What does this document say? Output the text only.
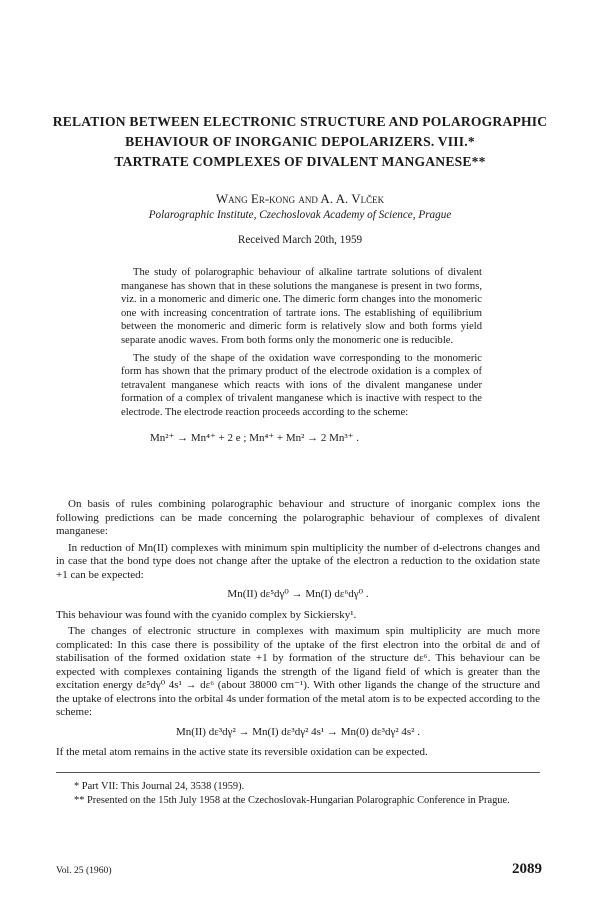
RELATION BETWEEN ELECTRONIC STRUCTURE AND POLAROGRAPHIC
BEHAVIOUR OF INORGANIC DEPOLARIZERS. VIII.*
TARTRATE COMPLEXES OF DIVALENT MANGANESE**
Wang Er-kong and A. A. Vlček
Polarographic Institute, Czechoslovak Academy of Science, Prague
Received March 20th, 1959

The study of polarographic behaviour of alkaline tartrate solutions of divalent manganese has shown that in these solutions the manganese is present in two forms, viz. in a monomeric and dimeric one. The dimeric form changes into the monomeric one with increasing concentration of tartrate ions. The establishing of equilibrium between the monomeric and dimeric form is relatively slow and both forms yield separate anodic waves. From both forms only the monomeric one is reducible.

The study of the shape of the oxidation wave corresponding to the monomeric form has shown that the primary product of the electrode oxidation is a complex of tetravalent manganese which reacts with ions of the divalent manganese under formation of a complex of trivalent manganese which is inactive with respect to the electrode. The electrode reaction proceeds according to the scheme:

Mn²⁺ → Mn⁴⁺ + 2 e ; Mn⁴⁺ + Mn² → 2 Mn³⁺ .

On basis of rules combining polarographic behaviour and structure of inorganic complex ions the following predictions can be made concerning the polarographic behaviour of complexes of divalent manganese:

In reduction of Mn(II) complexes with minimum spin multiplicity the number of d-electrons changes and in case that the bond type does not change after the uptake of the electron a reduction to the oxidation state +1 can be expected:

Mn(II) dε⁵dγ⁰ → Mn(I) dε⁶dγ⁰ .

This behaviour was found with the cyanido complex by Sickiersky¹.

The changes of electronic structure in complexes with maximum spin multiplicity are much more complicated: In this case there is possibility of the uptake of the first electron into the orbital dε and of stabilisation of the formed oxidation state +1 by formation of the structure dε⁶. This behaviour can be expected with complexes containing ligands the strength of the ligand field of which is greater than the excitation energy dε⁵dγ⁰ 4s¹ → dε⁶ (about 38000 cm⁻¹). With other ligands the change of the structure and the uptake of electrons into the orbital 4s under formation of the metal atom is to be expected according to the scheme:

Mn(II) dε³dγ² → Mn(I) dε³dγ² 4s¹ → Mn(0) dε³dγ² 4s² .

If the metal atom remains in the active state its reversible oxidation can be expected.

* Part VII: This Journal 24, 3538 (1959).
** Presented on the 15th July 1958 at the Czechoslovak-Hungarian Polarographic Conference in Prague.
Vol. 25 (1960)	2089
